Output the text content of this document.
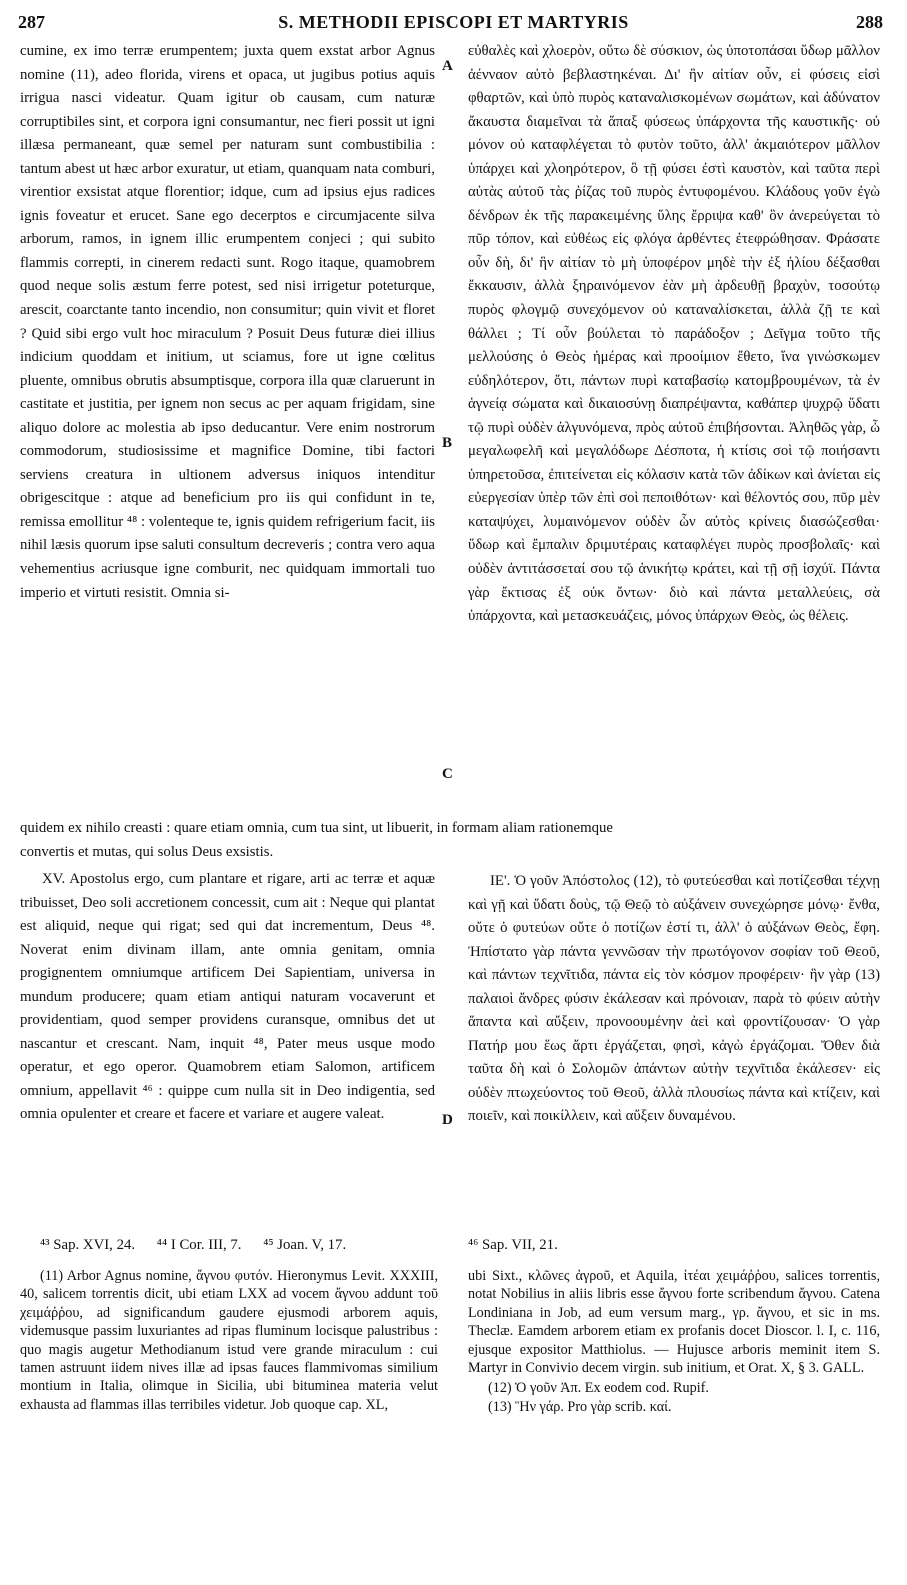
287	S. METHODII EPISCOPI ET MARTYRIS	288
A
B
C
D

cumine, ex imo terræ erumpentem; juxta quem exstat arbor Agnus nomine (11), adeo florida, virens et opaca, ut jugibus potius aquis irrigua nasci videatur. Quam igitur ob causam, cum naturæ corruptibiles sint, et corpora igni consumantur, nec fieri possit ut igni illæsa permaneant, quæ semel per naturam sunt combustibilia : tantum abest ut hæc arbor exuratur, ut etiam, quanquam nata comburi, virentior exsistat atque florentior; idque, cum ad ipsius ejus radices ignis foveatur et erucet. Sane ego decerptos e circumjacente silva arborum, ramos, in ignem illic erumpentem conjeci ; qui subito flammis correpti, in cinerem redacti sunt. Rogo itaque, quamobrem quod neque solis æstum ferre potest, sed nisi irrigetur poteturque, arescit, coarctante tanto incendio, non consumitur; quin vivit et floret ? Quid sibi ergo vult hoc miraculum ? Posuit Deus futuræ diei illius indicium quoddam et initium, ut sciamus, fore ut igne cœlitus pluente, omnibus obrutis absumptisque, corpora illa quæ claruerunt in castitate et justitia, per ignem non secus ac per aquam frigidam, sine aliquo dolore ac molestia ab ipso deducantur. Vere enim nostrorum commodorum, studiosissime et magnifice Domine, tibi factori serviens creatura in ultionem adversus iniquos intenditur obrigescitque : atque ad beneficium pro iis qui confidunt in te, remissa emollitur ⁴⁸ : volenteque te, ignis quidem refrigerium facit, iis nihil læsis quorum ipse saluti consultum decreveris ; contra vero aqua vehementius acriusque igne comburit, nec quidquam immortali tuo imperio et virtuti resistit. Omnia si-

εὐθαλὲς καὶ χλοερὸν, οὕτω δὲ σύσκιον, ὡς ὑποτοπάσαι ὕδωρ μᾶλλον ἀένναον αὐτὸ βεβλαστηκέναι. Δι' ἣν αἰτίαν οὖν, εἰ φύσεις εἰσὶ φθαρτῶν, καὶ ὑπὸ πυρὸς καταναλισκομένων σωμάτων, καὶ ἀδύνατον ἄκαυστα διαμεῖναι τὰ ἅπαξ φύσεως ὑπάρχοντα τῆς καυστικῆς· οὐ μόνον οὐ καταφλέγεται τὸ φυτὸν τοῦτο, ἀλλ' ἀκμαιότερον μᾶλλον ὑπάρχει καὶ χλοηρότερον, ὃ τῇ φύσει ἐστὶ καυστὸν, καὶ ταῦτα περὶ αὐτὰς αὐτοῦ τὰς ῥίζας τοῦ πυρὸς ἐντυφομένου. Κλάδους γοῦν ἐγὼ δένδρων ἐκ τῆς παρακειμένης ὕλης ἔρριψα καθ' ὃν ἀνερεύγεται τὸ πῦρ τόπον, καὶ εὐθέως εἰς φλόγα ἀρθέντες ἐτεφρώθησαν. Φράσατε οὖν δὴ, δι' ἣν αἰτίαν τὸ μὴ ὑποφέρον μηδὲ τὴν ἐξ ἡλίου δέξασθαι ἔκκαυσιν, ἀλλὰ ξηραινόμενον ἐὰν μὴ ἀρδευθῇ βραχὺν, τοσούτῳ πυρὸς φλογμῷ συνεχόμενον οὐ καταναλίσκεται, ἀλλὰ ζῇ τε καὶ θάλλει ; Τί οὖν βούλεται τὸ παράδοξον ; Δεῖγμα τοῦτο τῆς μελλούσης ὁ Θεὸς ἡμέρας καὶ προοίμιον ἔθετο, ἵνα γινώσκωμεν εὐδηλότερον, ὅτι, πάντων πυρὶ καταβασίῳ κατομβρουμένων, τὰ ἐν ἁγνείᾳ σώματα καὶ δικαιοσύνῃ διαπρέψαντα, καθάπερ ψυχρῷ ὕδατι τῷ πυρὶ οὐδὲν ἀλγυνόμενα, πρὸς αὐτοῦ ἐπιβήσονται. Ἀληθῶς γὰρ, ὦ μεγαλωφελῆ καὶ μεγαλόδωρε Δέσποτα, ἡ κτίσις σοὶ τῷ ποιήσαντι ὑπηρετοῦσα, ἐπιτείνεται εἰς κόλασιν κατὰ τῶν ἀδίκων καὶ ἀνίεται εἰς εὐεργεσίαν ὑπὲρ τῶν ἐπὶ σοὶ πεποιθότων· καὶ θέλοντός σου, πῦρ μὲν καταψύχει, λυμαινόμενον οὐδὲν ὧν αὐτὸς κρίνεις διασώζεσθαι· ὕδωρ καὶ ἔμπαλιν δριμυτέραις καταφλέγει πυρὸς προσβολαῖς· καὶ οὐδὲν ἀντιτάσσεταί σου τῷ ἀνικήτῳ κράτει, καὶ τῇ σῇ ἰσχύϊ. Πάντα γὰρ ἔκτισας ἐξ οὐκ ὄντων· διὸ καὶ πάντα μεταλλεύεις, σὰ ὑπάρχοντα, καὶ μετασκευάζεις, μόνος ὑπάρχων Θεὸς, ὡς θέλεις.

quidem ex nihilo creasti : quare etiam omnia, cum tua sint, ut libuerit, in formam aliam rationemque

convertis et mutas, qui solus Deus exsistis.

XV. Apostolus ergo, cum plantare et rigare, arti ac terræ et aquæ tribuisset, Deo soli accretionem concessit, cum ait : Neque qui plantat est aliquid, neque qui rigat; sed qui dat incrementum, Deus ⁴⁸. Noverat enim divinam illam, ante omnia genitam, omnia progignentem omniumque artificem Dei Sapientiam, universa in mundum producere; quam etiam antiqui naturam vocaverunt et providentiam, quod semper providens curansque, omnibus det ut nascantur et crescant. Nam, inquit ⁴⁸, Pater meus usque modo operatur, et ego operor. Quamobrem etiam Salomon, artificem omnium, appellavit ⁴⁶ : quippe cum nulla sit in Deo indigentia, sed omnia opulenter et creare et facere et variare et augere valeat.

ΙΕ'. Ὁ γοῦν Ἀπόστολος (12), τὸ φυτεύεσθαι καὶ ποτίζεσθαι τέχνῃ καὶ γῇ καὶ ὕδατι δοὺς, τῷ Θεῷ τὸ αὐξάνειν συνεχώρησε μόνῳ· ἔνθα, οὔτε ὁ φυτεύων οὔτε ὁ ποτίζων ἐστί τι, ἀλλ' ὁ αὐξάνων Θεὸς, ἔφη. Ἠπίστατο γὰρ πάντα γεννῶσαν τὴν πρωτόγονον σοφίαν τοῦ Θεοῦ, καὶ πάντων τεχνῖτιδα, πάντα εἰς τὸν κόσμον προφέρειν· ἣν γὰρ (13) παλαιοὶ ἄνδρες φύσιν ἐκάλεσαν καὶ πρόνοιαν, παρὰ τὸ φύειν αὐτὴν ἅπαντα καὶ αὔξειν, προνοουμένην ἀεὶ καὶ φροντίζουσαν· Ὁ γὰρ Πατήρ μου ἕως ἄρτι ἐργάζεται, φησὶ, κἀγὼ ἐργάζομαι. Ὅθεν διὰ ταῦτα δὴ καὶ ὁ Σολομῶν ἁπάντων αὐτὴν τεχνῖτιδα ἐκάλεσεν· εἰς οὐδὲν πτωχεύοντος τοῦ Θεοῦ, ἀλλὰ πλουσίως πάντα καὶ κτίζειν, καὶ ποιεῖν, καὶ ποικίλλειν, καὶ αὔξειν δυναμένου.

⁴³ Sap. XVI, 24. ⁴⁴ I Cor. III, 7. ⁴⁵ Joan. V, 17.	⁴⁶ Sap. VII, 21.

(11) Arbor Agnus nomine, ἄγνου φυτόν. Hieronymus Levit. XXXIII, 40, salicem torrentis dicit, ubi etiam LXX ad vocem ἄγνου addunt τοῦ χειμάῤῥου, ad significandum gaudere ejusmodi arborem aquis, videmusque passim luxuriantes ad ripas fluminum locisque palustribus : quo magis augetur Methodianum istud vere grande miraculum : cui tamen astruunt iidem nives illæ ad ipsas fauces flammivomas similium montium in Italia, olimque in Sicilia, ubi bituminea materia velut exhausta ad flammas illas terribiles videtur. Job quoque cap. XL,

ubi Sixt., κλῶνες ἀγροῦ, et Aquila, ἰτέαι χειμάῤῥου, salices torrentis, notat Nobilius in aliis libris esse ἄγνου forte scribendum ἄγνου. Catena Londiniana in Job, ad eum versum marg., γρ. ἄγνου, et sic in ms. Theclæ. Eamdem arborem etiam ex profanis docet Dioscor. l. I, c. 116, ejusque expositor Matthiolus. — Hujusce arboris meminit item S. Martyr in Convivio decem virgin. sub initium, et Orat. X, § 3. GALL.

(12) Ὁ γοῦν Ἀπ. Ex eodem cod. Rupif.

(13) Ἣν γάρ. Pro γὰρ scrib. καί.
